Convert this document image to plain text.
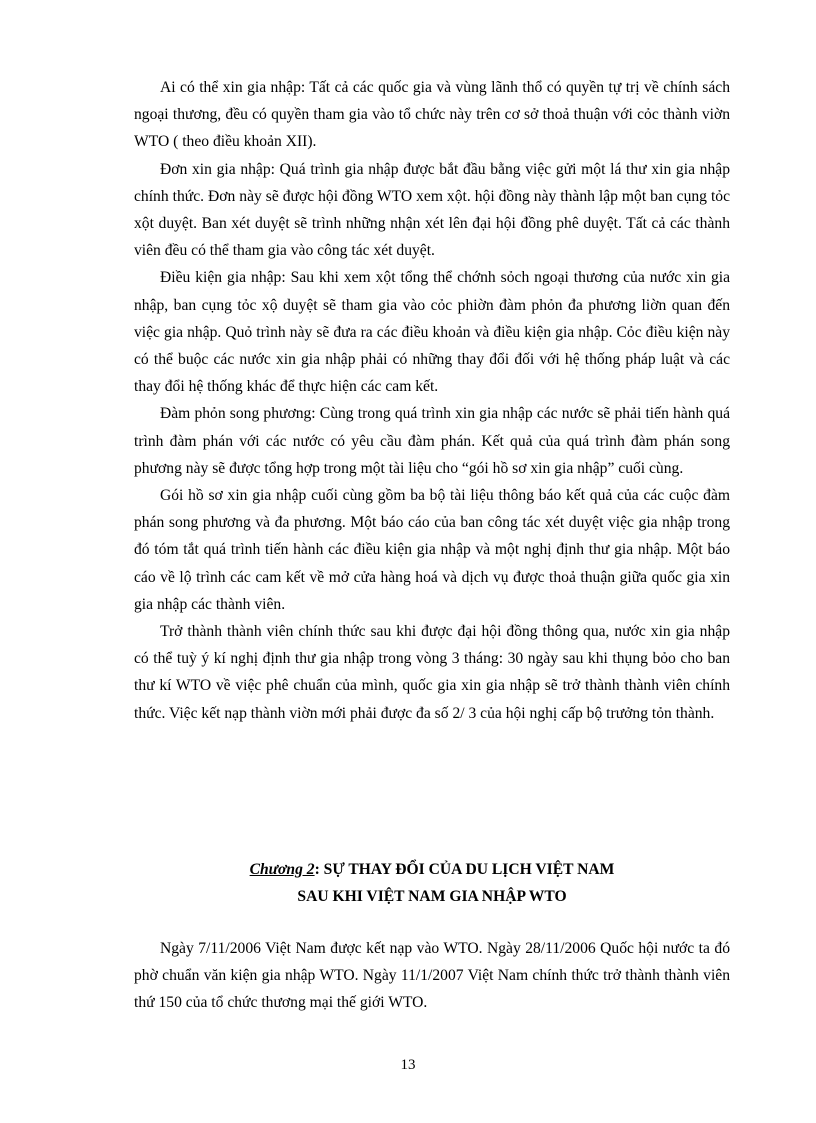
Ai có thể xin gia nhập: Tất cả các quốc gia và vùng lãnh thổ có quyền tự trị về chính sách ngoại thương, đều có quyền tham gia vào tổ chức này trên cơ sở thoả thuận với cỏc thành viờn WTO ( theo điều khoản XII).

Đơn xin gia nhập: Quá trình gia nhập được bắt đầu bằng việc gửi một lá thư xin gia nhập chính thức. Đơn này sẽ được hội đồng WTO xem xột. hội đồng này thành lập một ban cụng tỏc xột duyệt. Ban xét duyệt sẽ trình những nhận xét lên đại hội đồng phê duyệt. Tất cả các thành viên đều có thể tham gia vào công tác xét duyệt.

Điều kiện gia nhập: Sau khi xem xột tổng thể chớnh sỏch ngoại thương của nước xin gia nhập, ban cụng tỏc xộ duyệt sẽ tham gia vào cỏc phiờn đàm phỏn đa phương liờn quan đến việc gia nhập. Quỏ trình này sẽ đưa ra các điều khoản và điều kiện gia nhập. Cỏc điều kiện này có thể buộc các nước xin gia nhập phải có những thay đổi đối với hệ thống pháp luật và các thay đổi hệ thống khác để thực hiện các cam kết.

Đàm phỏn song phương: Cùng trong quá trình xin gia nhập các nước sẽ phải tiến hành quá trình đàm phán với các nước có yêu cầu đàm phán. Kết quả của quá trình đàm phán song phương này sẽ được tổng hợp trong một tài liệu cho “gói hồ sơ xin gia nhập” cuối cùng.

Gói hồ sơ xin gia nhập cuối cùng gồm ba bộ tài liệu thông báo kết quả của các cuộc đàm phán song phương và đa phương. Một báo cáo của ban công tác xét duyệt việc gia nhập trong đó tóm tắt quá trình tiến hành các điều kiện gia nhập và một nghị định thư gia nhập. Một báo cáo về lộ trình các cam kết về mở cửa hàng hoá và dịch vụ được thoả thuận giữa quốc gia xin gia nhập các thành viên.

Trở thành thành viên chính thức sau khi được đại hội đồng thông qua, nước xin gia nhập có thể tuỳ ý kí nghị định thư gia nhập trong vòng 3 tháng: 30 ngày sau khi thụng bỏo cho ban thư kí WTO về việc phê chuẩn của mình, quốc gia xin gia nhập sẽ trở thành thành viên chính thức. Việc kết nạp thành viờn mới phải được đa số 2/ 3 của hội nghị cấp bộ trưởng tỏn thành.

Chương 2: SỰ THAY ĐỔI CỦA DU LỊCH VIỆT NAM
SAU KHI VIỆT NAM GIA NHẬP WTO

Ngày 7/11/2006 Việt Nam được kết nạp vào WTO. Ngày 28/11/2006 Quốc hội nước ta đó phờ chuẩn văn kiện gia nhập WTO. Ngày 11/1/2007 Việt Nam chính thức trở thành thành viên thứ 150 của tổ chức thương mại thế giới WTO.

13
